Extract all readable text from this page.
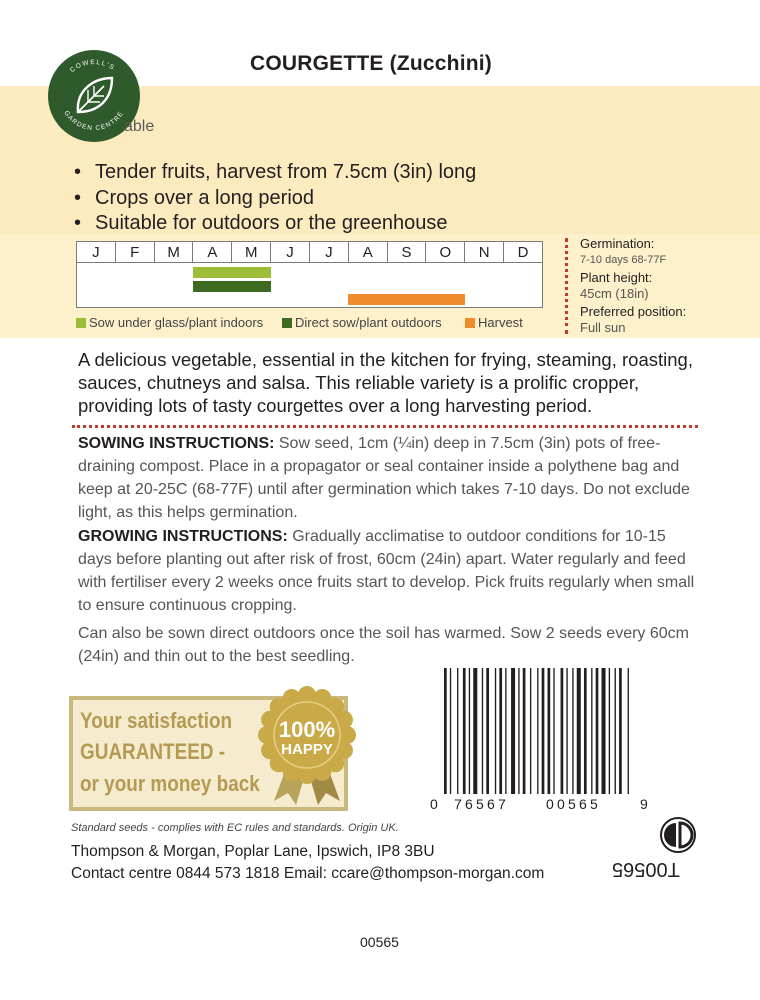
COWELL'S
GARDEN CENTRE
COURGETTE (Zucchini)
able
• Tender fruits, harvest from 7.5cm (3in) long
• Crops over a long period
• Suitable for outdoors or the greenhouse
J	F	M	A	M	J	J	A	S	O	N	D
Sow under glass/plant indoors	Direct sow/plant outdoors	Harvest
Germination:
7-10 days 68-77F
Plant height:
45cm (18in)
Preferred position:
Full sun
A delicious vegetable, essential in the kitchen for frying, steaming, roasting, sauces, chutneys and salsa. This reliable variety is a prolific cropper, providing lots of tasty courgettes over a long harvesting period.
SOWING INSTRUCTIONS: Sow seed, 1cm (¼in) deep in 7.5cm (3in) pots of free-draining compost. Place in a propagator or seal container inside a polythene bag and keep at 20-25C (68-77F) until after germination which takes 7-10 days. Do not exclude light, as this helps germination.
GROWING INSTRUCTIONS: Gradually acclimatise to outdoor conditions for 10-15 days before planting out after risk of frost, 60cm (24in) apart. Water regularly and feed with fertiliser every 2 weeks once fruits start to develop. Pick fruits regularly when small to ensure continuous cropping.
Can also be sown direct outdoors once the soil has warmed. Sow 2 seeds every 60cm (24in) and thin out to the best seedling.
Your satisfaction
GUARANTEED -
or your money back
100%
HAPPY
0 76567	00565	9
Standard seeds - complies with EC rules and standards. Origin UK.
Thompson & Morgan, Poplar Lane, Ipswich, IP8 3BU
Contact centre 0844 573 1818 Email: ccare@thompson-morgan.com	T00565
00565
